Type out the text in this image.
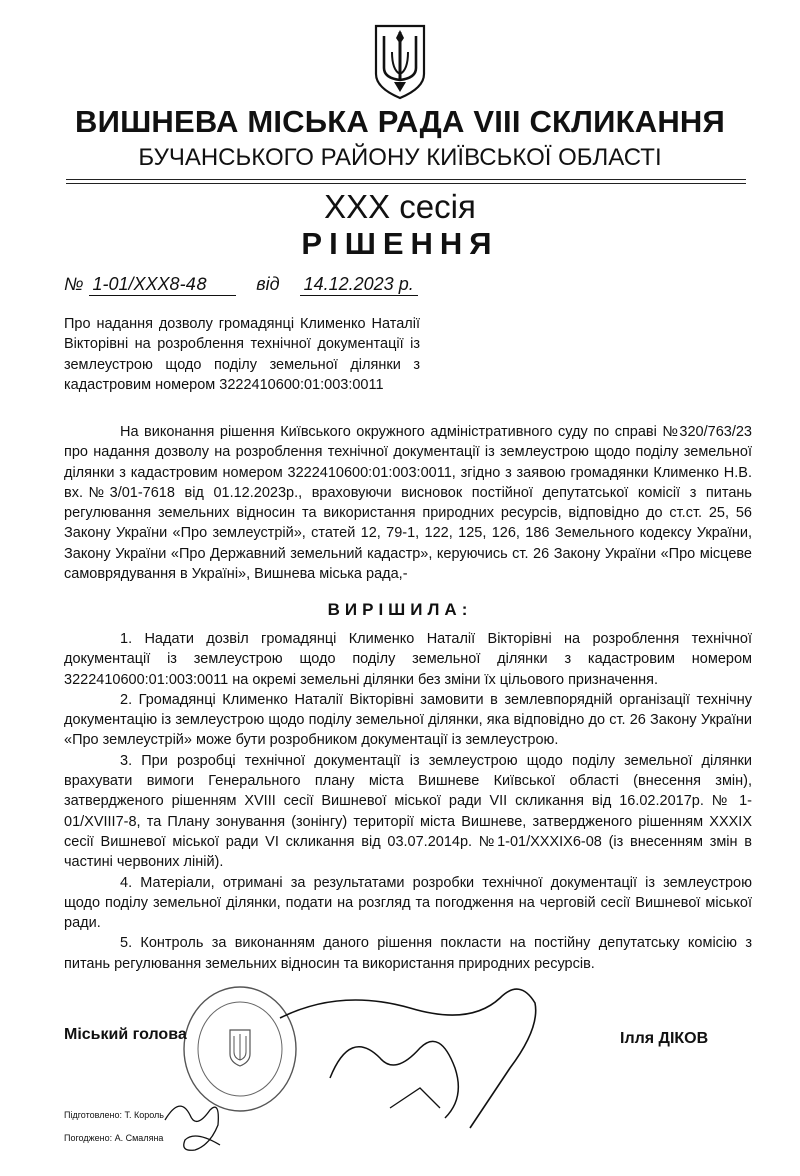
ВИШНЕВА МІСЬКА РАДА VIII СКЛИКАННЯ
БУЧАНСЬКОГО РАЙОНУ КИЇВСЬКОЇ ОБЛАСТІ
XXX сесія
РІШЕННЯ
№ 1-01/XXX8-48	від 14.12.2023 р.
Про надання дозволу громадянці Клименко Наталії Вікторівні на розроблення технічної документації із землеустрою щодо поділу земельної ділянки з кадастровим номером 3222410600:01:003:0011

На виконання рішення Київського окружного адміністративного суду по справі №320/763/23 про надання дозволу на розроблення технічної документації із землеустрою щодо поділу земельної ділянки з кадастровим номером 3222410600:01:003:0011, згідно з заявою громадянки Клименко Н.В. вх.№3/01-7618 від 01.12.2023р., враховуючи висновок постійної депутатської комісії з питань регулювання земельних відносин та використання природних ресурсів, відповідно до ст.ст. 25, 56 Закону України «Про землеустрій», статей 12, 79-1, 122, 125, 126, 186 Земельного кодексу України, Закону України «Про Державний земельний кадастр», керуючись ст. 26 Закону України «Про місцеве самоврядування в Україні», Вишнева міська рада,-

ВИРІШИЛА:

1. Надати дозвіл громадянці Клименко Наталії Вікторівні на розроблення технічної документації із землеустрою щодо поділу земельної ділянки з кадастровим номером 3222410600:01:003:0011 на окремі земельні ділянки без зміни їх цільового призначення.

2. Громадянці Клименко Наталії Вікторівні замовити в землевпорядній організації технічну документацію із землеустрою щодо поділу земельної ділянки, яка відповідно до ст. 26 Закону України «Про землеустрій» може бути розробником документації із землеустрою.

3. При розробці технічної документації із землеустрою щодо поділу земельної ділянки врахувати вимоги Генерального плану міста Вишневе Київської області (внесення змін), затвердженого рішенням XVIII сесії Вишневої міської ради VII скликання від 16.02.2017р. № 1-01/XVIII7-8, та Плану зонування (зонінгу) території міста Вишневе, затвердженого рішенням XXXIX сесії Вишневої міської ради VI скликання від 03.07.2014р. №1-01/XXXIX6-08 (із внесенням змін в частині червоних ліній).

4. Матеріали, отримані за результатами розробки технічної документації із землеустрою щодо поділу земельної ділянки, подати на розгляд та погодження на черговій сесії Вишневої міської ради.

5. Контроль за виконанням даного рішення покласти на постійну депутатську комісію з питань регулювання земельних відносин та використання природних ресурсів.

Міський голова	Ілля ДІКОВ
Підготовлено: Т. Король
Погоджено: А. Смаляна
